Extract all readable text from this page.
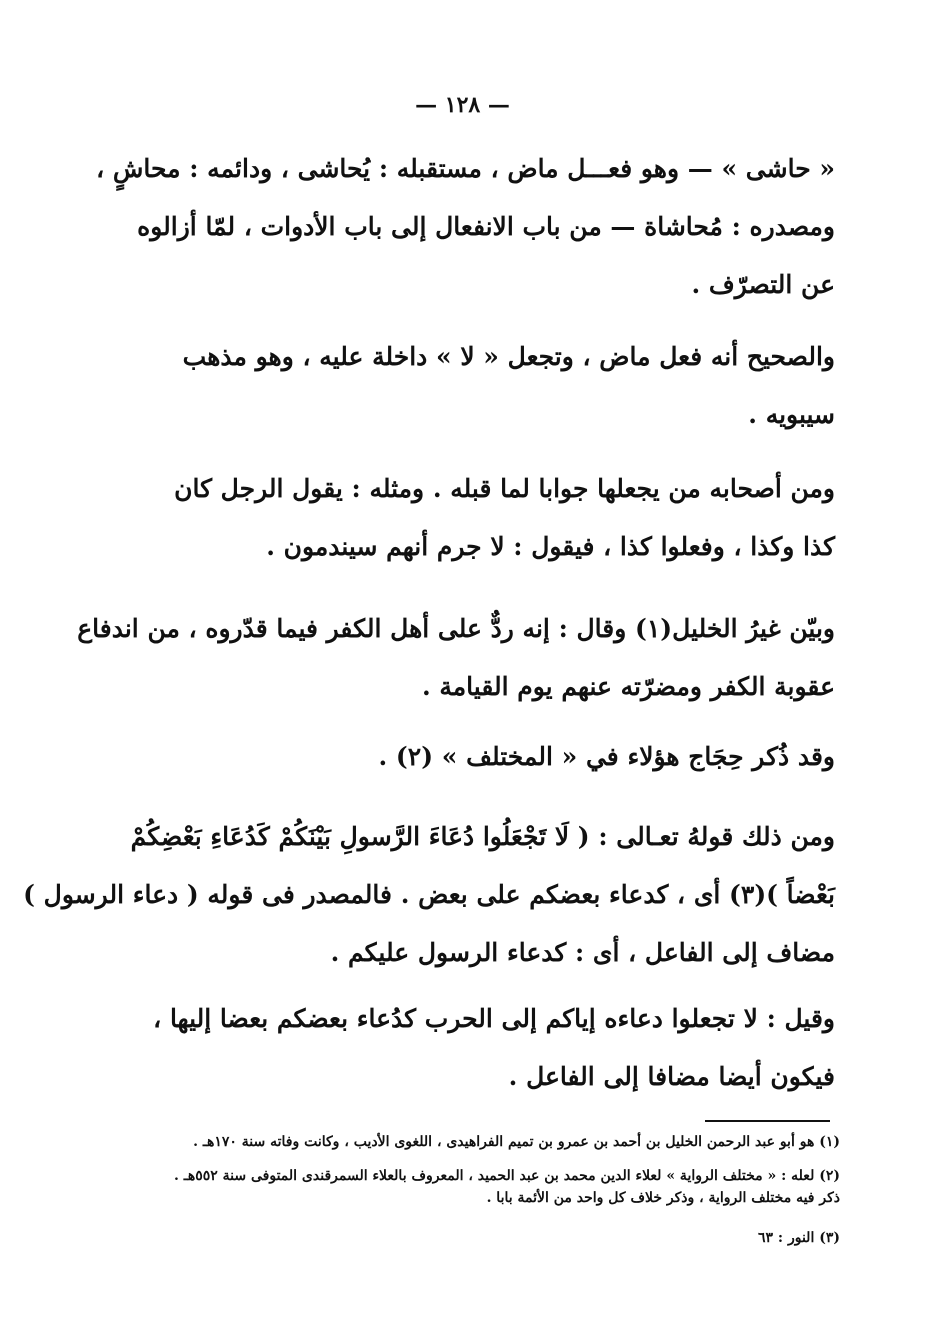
— ١٢٨ —
« حاشى » — وهو فعـــل ماض ، مستقبله : يُحاشى ، ودائمه : محاشٍ ،
ومصدره : مُحاشاة — من باب الانفعال إلى باب الأدوات ، لمّا أزالوه
عن التصرّف .
والصحيح أنه فعل ماض ، وتجعل « لا » داخلة عليه ، وهو مذهب
سيبويه .
ومن أصحابه من يجعلها جوابا لما قبله . ومثله : يقول الرجل كان
كذا وكذا ، وفعلوا كذا ، فيقول : لا جرم أنهم سيندمون .
وبيّن غيرُ الخليل(١) وقال : إنه ردٌّ على أهل الكفر فيما قدّروه ، من اندفاع
عقوبة الكفر ومضرّته عنهم يوم القيامة .
وقد ذُكر حِجَاج هؤلاء في « المختلف » (٢) .
ومن ذلك قولهُ تعـالى : ( لَا تَجْعَلُوا دُعَاءَ الرَّسولِ بَيْنَكُمْ كَدُعَاءِ بَعْضِكُمْ
بَعْضاً )(٣) أى ، كدعاء بعضكم على بعض . فالمصدر فى قوله ( دعاء الرسول )
مضاف إلى الفاعل ، أى : كدعاء الرسول عليكم .
وقيل : لا تجعلوا دعاءه إياكم إلى الحرب كدُعاء بعضكم بعضا إليها ،
فيكون أيضا مضافا إلى الفاعل .
(١) هو أبو عبد الرحمن الخليل بن أحمد بن عمرو بن تميم الفراهيدى ، اللغوى الأديب ، وكانت وفاته سنة ١٧٠هـ .
(٢) لعله : « مختلف الرواية » لعلاء الدين محمد بن عبد الحميد ، المعروف بالعلاء السمرقندى المتوفى سنة ٥٥٢هـ .
ذكر فيه مختلف الرواية ، وذكر خلاف كل واحد من الأئمة بابا .
(٣) النور : ٦٣
